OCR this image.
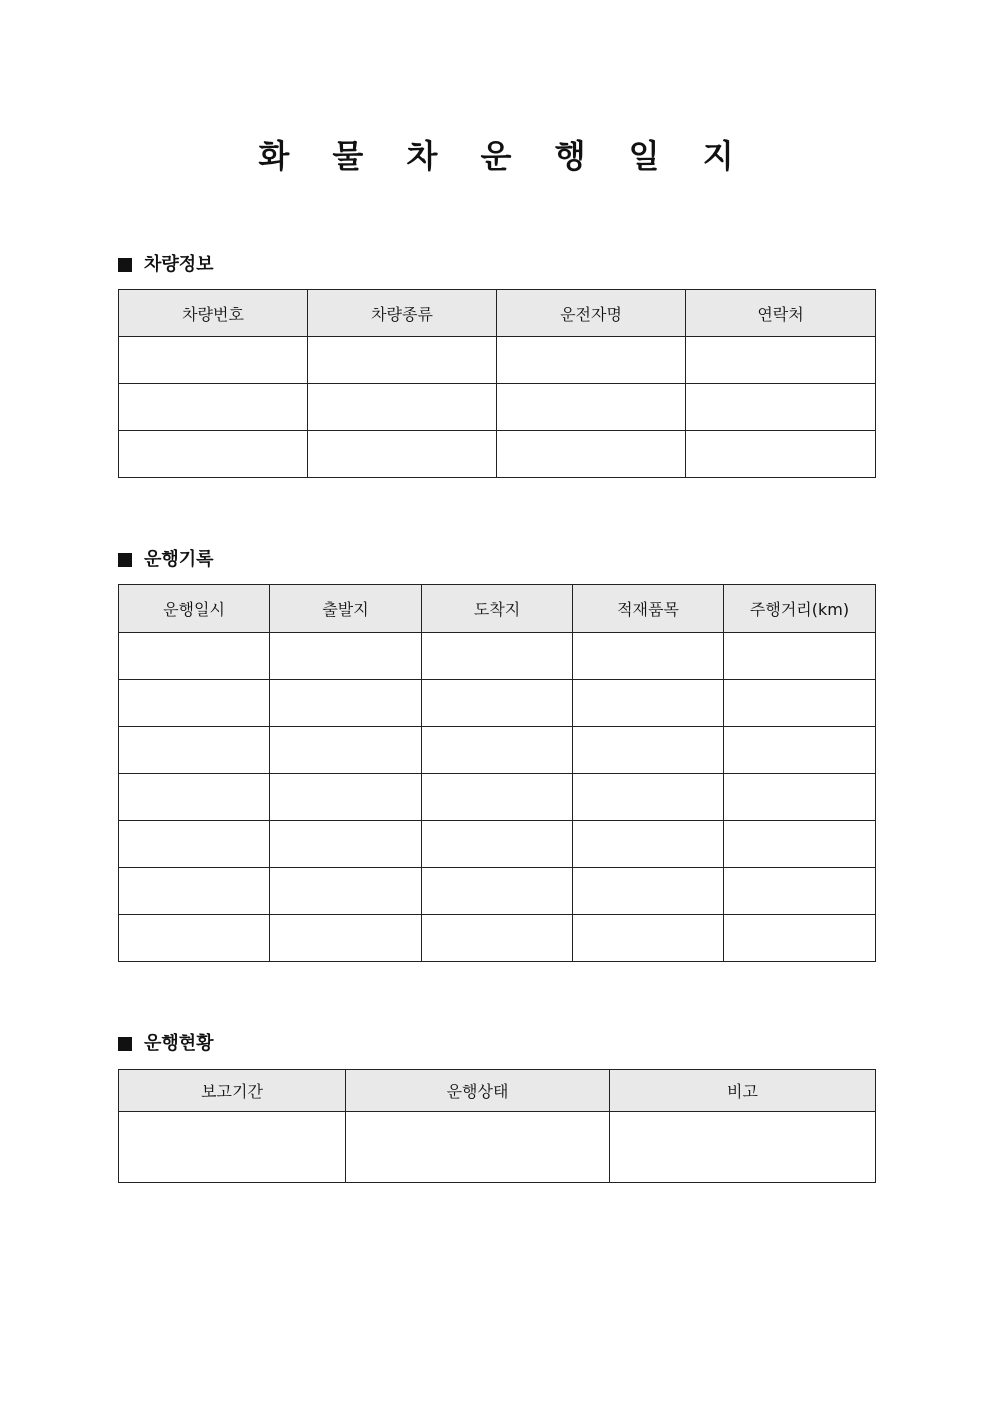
화 물 차 운 행 일 지
차량정보
차량번호	차량종류	운전자명	연락처

운행기록
운행일시	출발지	도착지	적재품목	주행거리(km)

운행현황
보고기간	운행상태	비고
